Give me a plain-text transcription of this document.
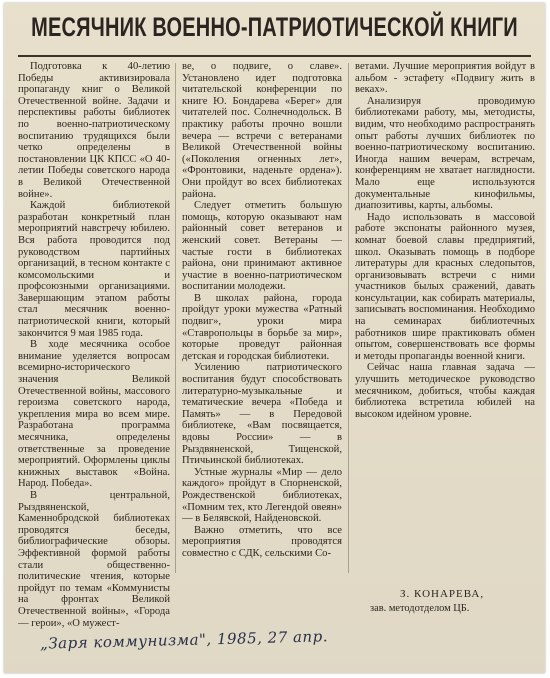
МЕСЯЧНИК ВОЕННО-ПАТРИОТИЧЕСКОЙ КНИГИ

Подготовка к 40-летию Победы активизировала пропаганду книг о Великой Отечественной войне. Задачи и перспективы работы библиотек по военно-патриотическому воспитанию трудящихся были четко определены в постановлении ЦК КПСС «О 40-летии Победы советского народа в Великой Отечественной войне».

Каждой библиотекой разработан конкретный план мероприятий навстречу юбилею. Вся работа проводится под руководством партийных организаций, в тесном контакте с комсомольскими и профсоюзными организациями. Завершающим этапом работы стал месячник военно-патриотической книги, который закончится 9 мая 1985 года.

В ходе месячника особое внимание уделяется вопросам всемирно-исторического значения Великой Отечественной войны, массового героизма советского народа, укрепления мира во всем мире. Разработана программа месячника, определены ответственные за проведение мероприятий. Оформлены циклы книжных выставок «Война. Народ. Победа».

В центральной, Рыздвяненской, Каменнобродской библиотеках проводятся беседы, библиографические обзоры. Эффективной формой работы стали общественно-политические чтения, которые пройдут по темам «Коммунисты на фронтах Великой Отечественной войны», «Города — герои», «О мужест-

ве, о подвиге, о славе». Установлено идет подготовка читательской конференции по книге Ю. Бондарева «Берег» для читателей пос. Солнечнодольск. В практику работы прочно вошли вечера — встречи с ветеранами Великой Отечественной войны («Поколения огненных лет», «Фронтовики, наденьте ордена»). Они пройдут во всех библиотеках района.

Следует отметить большую помощь, которую оказывают нам районный совет ветеранов и женский совет. Ветераны — частые гости в библиотеках района, они принимают активное участие в военно-патриотическом воспитании молодежи.

В школах района, города пройдут уроки мужества «Ратный подвиг», уроки мира «Ставропольцы в борьбе за мир», которые проведут районная детская и городская библиотеки.

Усилению патриотического воспитания будут способствовать литературно-музыкальные и тематические вечера «Победа и Память» — в Передовой библиотеке, «Вам посвящается, вдовы России» — в Рыздвяненской, Тищенской, Птичьинской библиотеках.

Устные журналы «Мир — дело каждого» пройдут в Спорненской, Рождественской библиотеках, «Помним тех, кто Легендой овеян» — в Белявской, Найденовской.

Важно отметить, что все мероприятия проводятся совместно с СДК, сельскими Со-

ветами. Лучшие мероприятия войдут в альбом - эстафету «Подвигу жить в веках».

Анализируя проводимую библиотеками работу, мы, методисты, видим, что необходимо распространять опыт работы лучших библиотек по военно-патриотическому воспитанию. Иногда нашим вечерам, встречам, конференциям не хватает наглядности. Мало еще используются документальные кинофильмы, диапозитивы, карты, альбомы.

Надо использовать в массовой работе экспонаты районного музея, комнат боевой славы предприятий, школ. Оказывать помощь в подборе литературы для красных следопытов, организовывать встречи с ними участников былых сражений, давать консультации, как собирать материалы, записывать воспоминания. Необходимо на семинарах библиотечных работников шире практиковать обмен опытом, совершенствовать все формы и методы пропаганды военной книги.

Сейчас наша главная задача — улучшить методическое руководство месячником, добиться, чтобы каждая библиотека встретила юбилей на высоком идейном уровне.

З. КОНАРЕВА,
зав. методотделом ЦБ.
„Заря коммунизма", 1985, 27 апр.
